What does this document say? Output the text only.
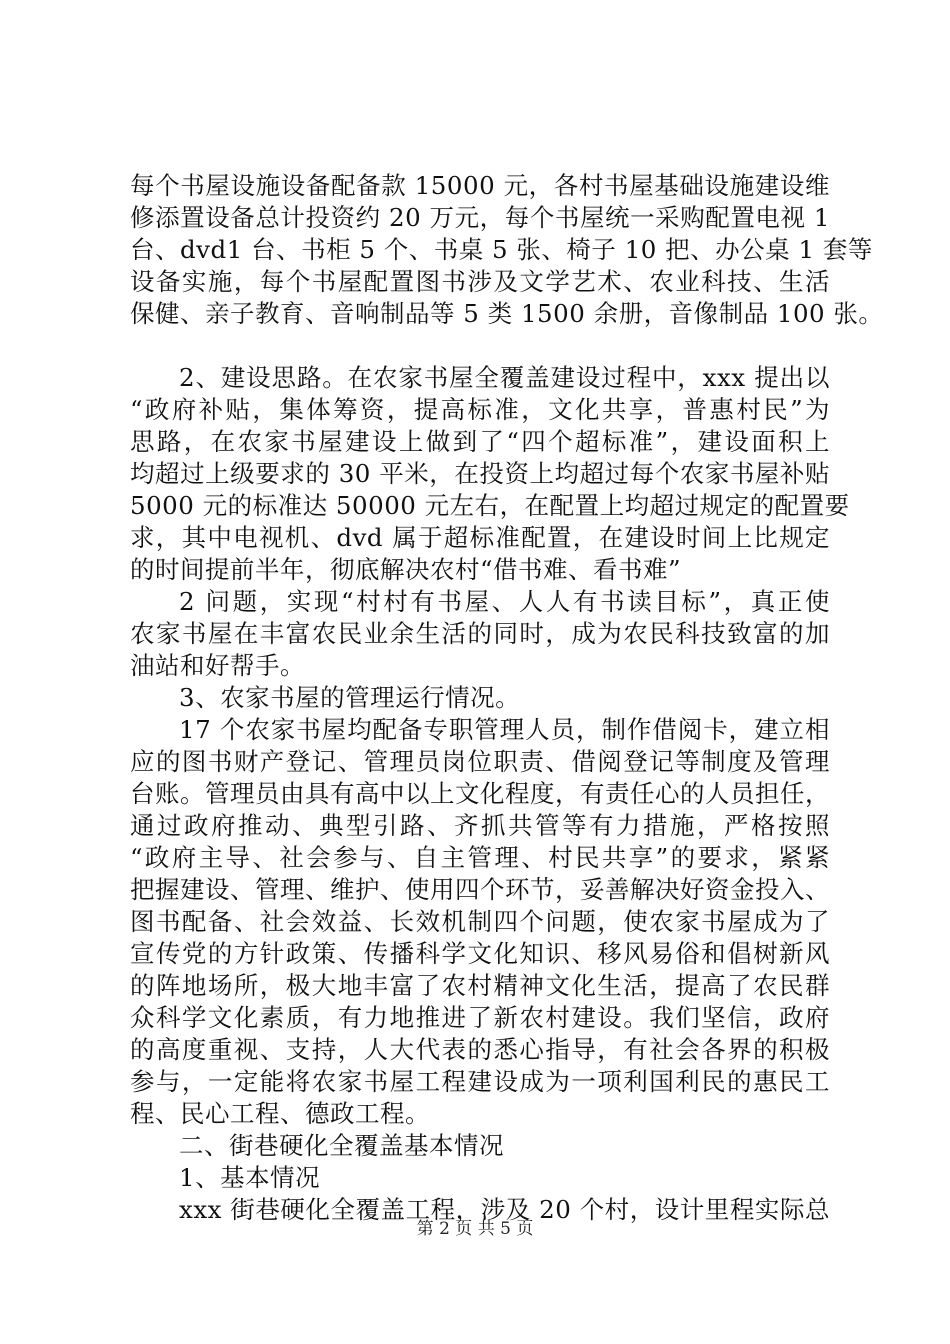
每个书屋设施设备配备款 15000 元，各村书屋基础设施建设维
修添置设备总计投资约 20 万元，每个书屋统一采购配置电视 1
台、dvd1 台、书柜 5 个、书桌 5 张、椅子 10 把、办公桌 1 套等
设备实施，每个书屋配置图书涉及文学艺术、农业科技、生活
保健、亲子教育、音响制品等 5 类 1500 余册，音像制品 100 张。

2、建设思路。在农家书屋全覆盖建设过程中，xxx 提出以
“政府补贴，集体筹资，提高标准，文化共享，普惠村民”为
思路，在农家书屋建设上做到了“四个超标准”，建设面积上
均超过上级要求的 30 平米，在投资上均超过每个农家书屋补贴
5000 元的标准达 50000 元左右，在配置上均超过规定的配置要
求，其中电视机、dvd 属于超标准配置，在建设时间上比规定
的时间提前半年，彻底解决农村“借书难、看书难”

2 问题，实现“村村有书屋、人人有书读目标”，真正使
农家书屋在丰富农民业余生活的同时，成为农民科技致富的加
油站和好帮手。

3、农家书屋的管理运行情况。

17 个农家书屋均配备专职管理人员，制作借阅卡，建立相
应的图书财产登记、管理员岗位职责、借阅登记等制度及管理
台账。管理员由具有高中以上文化程度，有责任心的人员担任，
通过政府推动、典型引路、齐抓共管等有力措施，严格按照
“政府主导、社会参与、自主管理、村民共享”的要求，紧紧
把握建设、管理、维护、使用四个环节，妥善解决好资金投入、
图书配备、社会效益、长效机制四个问题，使农家书屋成为了
宣传党的方针政策、传播科学文化知识、移风易俗和倡树新风
的阵地场所，极大地丰富了农村精神文化生活，提高了农民群
众科学文化素质，有力地推进了新农村建设。我们坚信，政府
的高度重视、支持，人大代表的悉心指导，有社会各界的积极
参与，一定能将农家书屋工程建设成为一项利国利民的惠民工
程、民心工程、德政工程。

二、街巷硬化全覆盖基本情况

1、基本情况

xxx 街巷硬化全覆盖工程，涉及 20 个村，设计里程实际总

第 2 页 共 5 页
